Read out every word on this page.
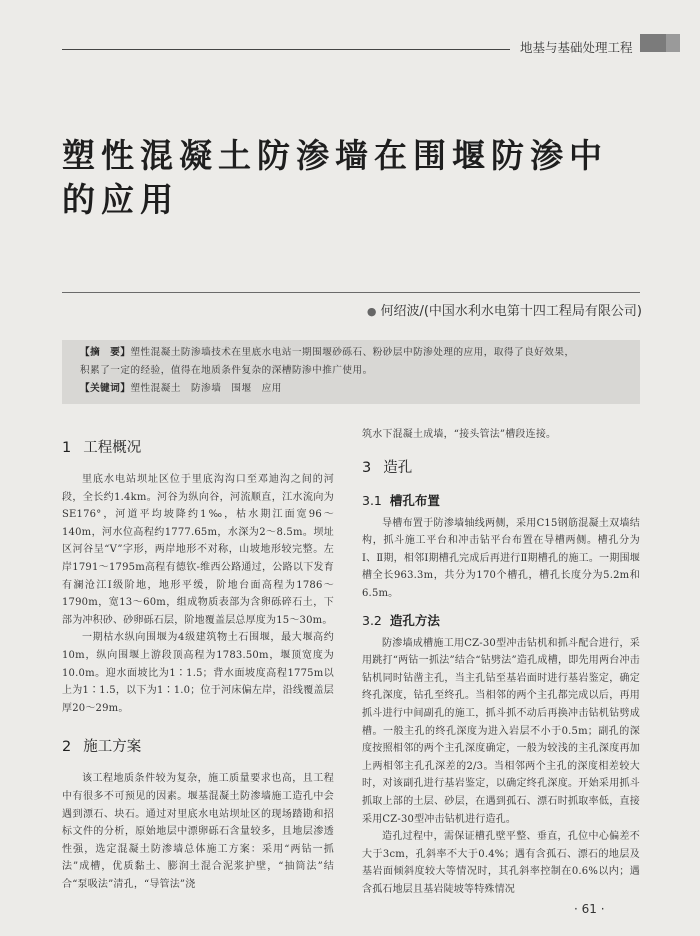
地基与基础处理工程
塑性混凝土防渗墙在围堰防渗中的应用
● 何绍波/(中国水利水电第十四工程局有限公司)
【摘　要】塑性混凝土防渗墙技术在里底水电站一期围堰砂砾石、粉砂层中防渗处理的应用，取得了良好效果，
积累了一定的经验，值得在地质条件复杂的深槽防渗中推广使用。
【关键词】塑性混凝土　防渗墙　围堰　应用
1 工程概况

里底水电站坝址区位于里底沟沟口至邓迪沟之间的河段，全长约1.4km。河谷为纵向谷，河流顺直，江水流向为SE176°，河道平均坡降约1‰，枯水期江面宽96～140m，河水位高程约1777.65m，水深为2～8.5m。坝址区河谷呈“V”字形，两岸地形不对称，山坡地形较完整。左岸1791～1795m高程有德钦-维西公路通过，公路以下发育有澜沧江Ⅰ级阶地，地形平缓，阶地台面高程为1786～1790m，宽13～60m，组成物质表部为含卵砾碎石土，下部为冲积砂、砂卵砾石层，阶地覆盖层总厚度为15～30m。

一期枯水纵向围堰为4级建筑物土石围堰，最大堰高约10m，纵向围堰上游段顶高程为1783.50m，堰顶宽度为10.0m。迎水面坡比为1∶1.5；背水面坡度高程1775m以上为1∶1.5，以下为1∶1.0；位于河床偏左岸，沿线覆盖层厚20～29m。

2 施工方案

该工程地质条件较为复杂，施工质量要求也高，且工程中有很多不可预见的因素。堰基混凝土防渗墙施工造孔中会遇到漂石、块石。通过对里底水电站坝址区的现场踏勘和招标文件的分析，原始地层中漂卵砾石含量较多，且地层渗透性强，选定混凝土防渗墙总体施工方案：采用“两钻一抓法”成槽，优质黏土、膨润土混合泥浆护壁，“抽筒法”结合“泵吸法”清孔，“导管法”浇

筑水下混凝土成墙，“接头管法”槽段连接。

3 造孔
3.1 槽孔布置

导槽布置于防渗墙轴线两侧，采用C15钢筋混凝土双墙结构，抓斗施工平台和冲击钻平台布置在导槽两侧。槽孔分为Ⅰ、Ⅱ期，相邻Ⅰ期槽孔完成后再进行Ⅱ期槽孔的施工。一期围堰槽全长963.3m，共分为170个槽孔，槽孔长度分为5.2m和6.5m。

3.2 造孔方法

防渗墙成槽施工用CZ-30型冲击钻机和抓斗配合进行，采用跳打“两钻一抓法”结合“钻劈法”造孔成槽，即先用两台冲击钻机同时钻凿主孔，当主孔钻至基岩面时进行基岩鉴定，确定终孔深度，钻孔至终孔。当相邻的两个主孔都完成以后，再用抓斗进行中间副孔的施工，抓斗抓不动后再换冲击钻机钻劈成槽。一般主孔的终孔深度为进入岩层不小于0.5m；副孔的深度按照相邻的两个主孔深度确定，一般为较浅的主孔深度再加上两相邻主孔孔深差的2/3。当相邻两个主孔的深度相差较大时，对该副孔进行基岩鉴定，以确定终孔深度。开始采用抓斗抓取上部的土层、砂层，在遇到孤石、漂石时抓取率低，直接采用CZ-30型冲击钻机进行造孔。

造孔过程中，需保证槽孔壁平整、垂直，孔位中心偏差不大于3cm，孔斜率不大于0.4%；遇有含孤石、漂石的地层及基岩面倾斜度较大等情况时，其孔斜率控制在0.6%以内；遇含孤石地层且基岩陡坡等特殊情况

· 61 ·
